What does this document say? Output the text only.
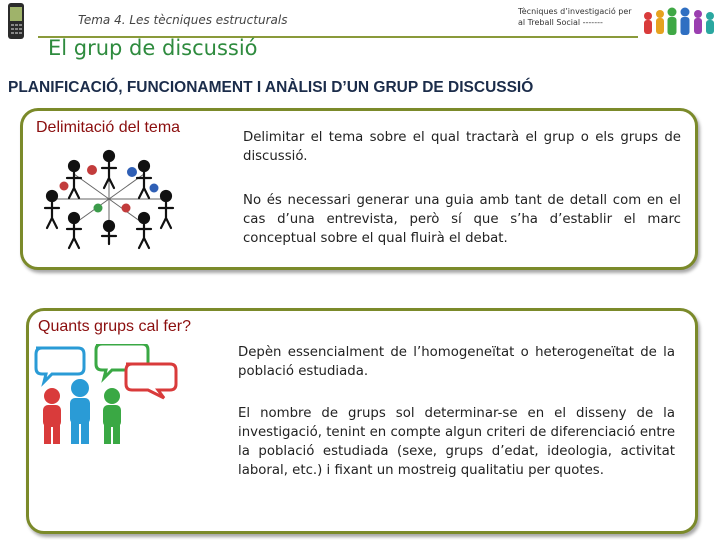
Tema 4. Les tècniques estructurals
Tècniques d’investigació per
al Treball Social -------
El grup de discussió
PLANIFICACIÓ, FUNCIONAMENT I ANÀLISI D’UN GRUP DE DISCUSSIÓ
Delimitació del tema
Delimitar el tema sobre el qual tractarà el grup o els grups de discussió.
No és necessari generar una guia amb tant de detall com en el cas d’una entrevista, però sí que s’ha d’establir el marc conceptual sobre el qual fluirà el debat.
Quants grups cal fer?
Depèn essencialment de l’homogeneïtat o heterogeneïtat de la població estudiada.
El nombre de grups sol determinar-se en el disseny de la investigació, tenint en compte algun criteri de diferenciació entre la població estudiada (sexe, grups d’edat, ideologia, activitat laboral, etc.) i fixant un mostreig qualitatiu per quotes.
